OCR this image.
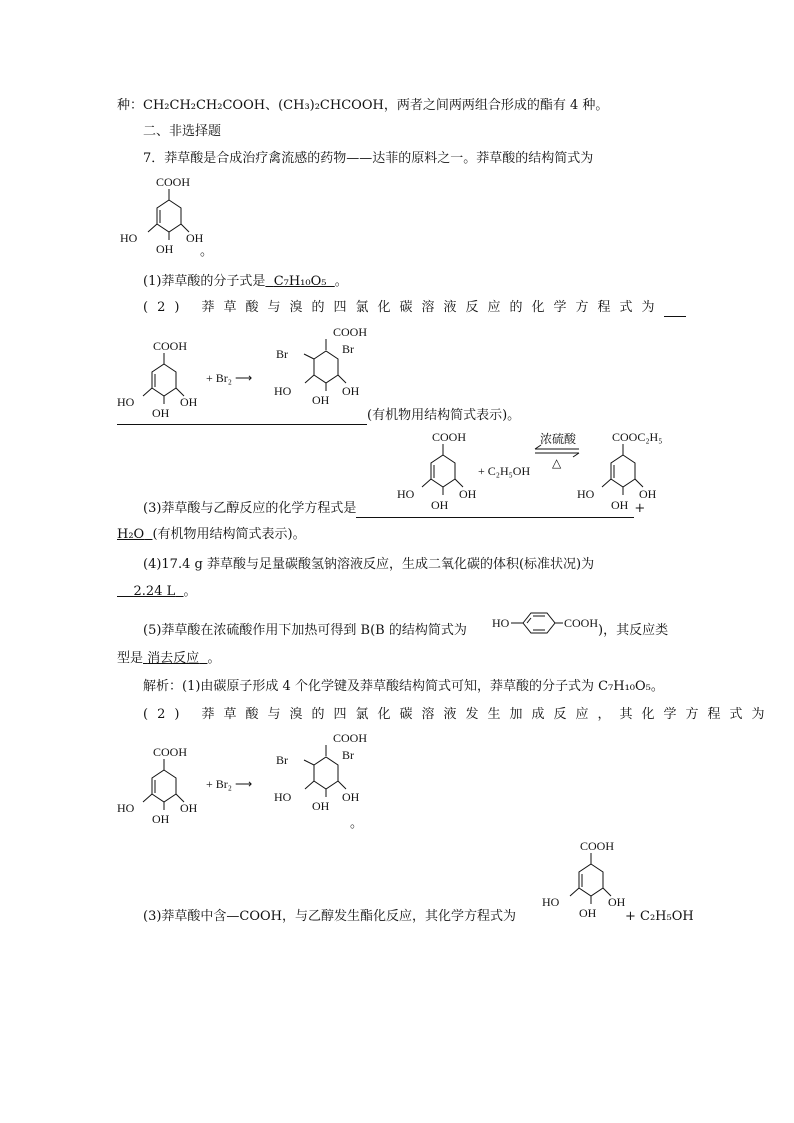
种：CH₂CH₂CH₂COOH、(CH₃)₂CHCOOH，两者之间两两组合形成的酯有 4 种。
二、非选择题
7．莽草酸是合成治疗禽流感的药物——达菲的原料之一。莽草酸的结构简式为
COOH
HO
OH
OH
。
(1)莽草酸的分子式是 C₇H₁₀O₅ 。
(2) 莽草酸与溴的四氯化碳溶液反应的化学方程式为
COOH
HO
OH
OH
+ Br₂ ⟶
COOH
Br
Br
HO
OH
OH
(有机物用结构简式表示)。
COOH
HO
OH
OH
+ C₂H₅OH
浓硫酸
△
COOC₂H₅
HO
OH
OH
(3)莽草酸与乙醇反应的化学方程式是	+
H₂O (有机物用结构简式表示)。
(4)17.4 g 莽草酸与足量碳酸氢钠溶液反应，生成二氧化碳的体积(标准状况)为
2.24 L 。
(5)莽草酸在浓硫酸作用下加热可得到 B(B 的结构简式为 HO	COOH )，其反应类
型是 消去反应 。
解析：(1)由碳原子形成 4 个化学键及莽草酸结构简式可知，莽草酸的分子式为 C₇H₁₀O₅。
(2) 莽草酸与溴的四氯化碳溶液发生加成反应，其化学方程式为
COOH
HO
OH
OH
+ Br₂ ⟶
COOH
Br
Br
HO
OH
OH
。
COOH
HO
OH
OH
(3)莽草酸中含—COOH，与乙醇发生酯化反应，其化学方程式为	+ C₂H₅OH
